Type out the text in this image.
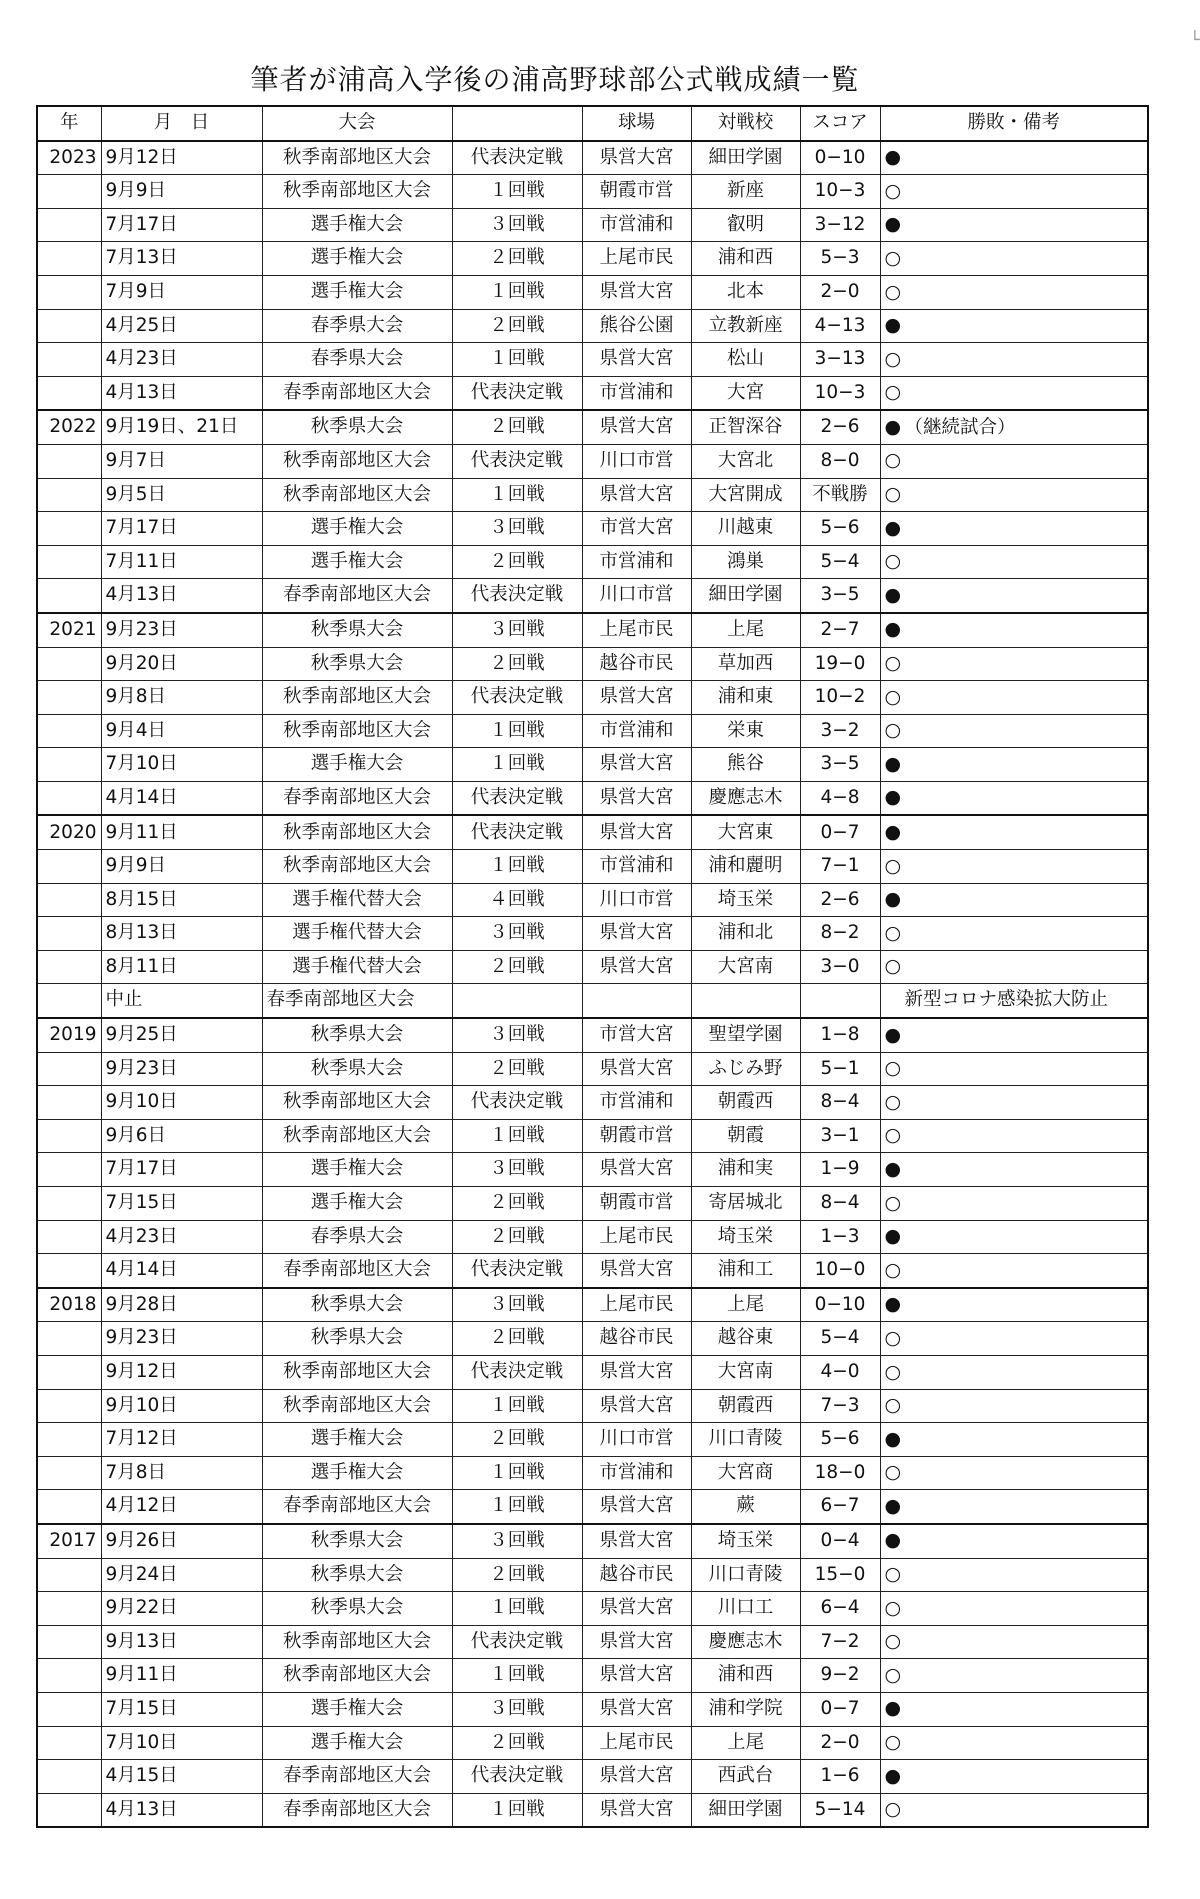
└
筆者が浦高入学後の浦高野球部公式戦成績一覧
年	月　日	大会		球場	対戦校	スコア	勝敗・備考
2023	9月12日	秋季南部地区大会	代表決定戦	県営大宮	細田学園	0−10	●
	9月9日	秋季南部地区大会	１回戦	朝霞市営	新座	10−3	○
	7月17日	選手権大会	３回戦	市営浦和	叡明	3−12	●
	7月13日	選手権大会	２回戦	上尾市民	浦和西	5−3	○
	7月9日	選手権大会	１回戦	県営大宮	北本	2−0	○
	4月25日	春季県大会	２回戦	熊谷公園	立教新座	4−13	●
	4月23日	春季県大会	１回戦	県営大宮	松山	3−13	○
	4月13日	春季南部地区大会	代表決定戦	市営浦和	大宮	10−3	○
2022	9月19日、21日	秋季県大会	２回戦	県営大宮	正智深谷	2−6	● （継続試合）
	9月7日	秋季南部地区大会	代表決定戦	川口市営	大宮北	8−0	○
	9月5日	秋季南部地区大会	１回戦	県営大宮	大宮開成	不戦勝	○
	7月17日	選手権大会	３回戦	市営大宮	川越東	5−6	●
	7月11日	選手権大会	２回戦	市営浦和	鴻巣	5−4	○
	4月13日	春季南部地区大会	代表決定戦	川口市営	細田学園	3−5	●
2021	9月23日	秋季県大会	３回戦	上尾市民	上尾	2−7	●
	9月20日	秋季県大会	２回戦	越谷市民	草加西	19−0	○
	9月8日	秋季南部地区大会	代表決定戦	県営大宮	浦和東	10−2	○
	9月4日	秋季南部地区大会	１回戦	市営浦和	栄東	3−2	○
	7月10日	選手権大会	１回戦	県営大宮	熊谷	3−5	●
	4月14日	春季南部地区大会	代表決定戦	県営大宮	慶應志木	4−8	●
2020	9月11日	秋季南部地区大会	代表決定戦	県営大宮	大宮東	0−7	●
	9月9日	秋季南部地区大会	１回戦	市営浦和	浦和麗明	7−1	○
	8月15日	選手権代替大会	４回戦	川口市営	埼玉栄	2−6	●
	8月13日	選手権代替大会	３回戦	県営大宮	浦和北	8−2	○
	8月11日	選手権代替大会	２回戦	県営大宮	大宮南	3−0	○
	中止	春季南部地区大会					新型コロナ感染拡大防止
2019	9月25日	秋季県大会	３回戦	市営大宮	聖望学園	1−8	●
	9月23日	秋季県大会	２回戦	県営大宮	ふじみ野	5−1	○
	9月10日	秋季南部地区大会	代表決定戦	市営浦和	朝霞西	8−4	○
	9月6日	秋季南部地区大会	１回戦	朝霞市営	朝霞	3−1	○
	7月17日	選手権大会	３回戦	県営大宮	浦和実	1−9	●
	7月15日	選手権大会	２回戦	朝霞市営	寄居城北	8−4	○
	4月23日	春季県大会	２回戦	上尾市民	埼玉栄	1−3	●
	4月14日	春季南部地区大会	代表決定戦	県営大宮	浦和工	10−0	○
2018	9月28日	秋季県大会	３回戦	上尾市民	上尾	0−10	●
	9月23日	秋季県大会	２回戦	越谷市民	越谷東	5−4	○
	9月12日	秋季南部地区大会	代表決定戦	県営大宮	大宮南	4−0	○
	9月10日	秋季南部地区大会	１回戦	県営大宮	朝霞西	7−3	○
	7月12日	選手権大会	２回戦	川口市営	川口青陵	5−6	●
	7月8日	選手権大会	１回戦	市営浦和	大宮商	18−0	○
	4月12日	春季南部地区大会	１回戦	県営大宮	蕨	6−7	●
2017	9月26日	秋季県大会	３回戦	県営大宮	埼玉栄	0−4	●
	9月24日	秋季県大会	２回戦	越谷市民	川口青陵	15−0	○
	9月22日	秋季県大会	１回戦	県営大宮	川口工	6−4	○
	9月13日	秋季南部地区大会	代表決定戦	県営大宮	慶應志木	7−2	○
	9月11日	秋季南部地区大会	１回戦	県営大宮	浦和西	9−2	○
	7月15日	選手権大会	３回戦	県営大宮	浦和学院	0−7	●
	7月10日	選手権大会	２回戦	上尾市民	上尾	2−0	○
	4月15日	春季南部地区大会	代表決定戦	県営大宮	西武台	1−6	●
	4月13日	春季南部地区大会	１回戦	県営大宮	細田学園	5−14	○
